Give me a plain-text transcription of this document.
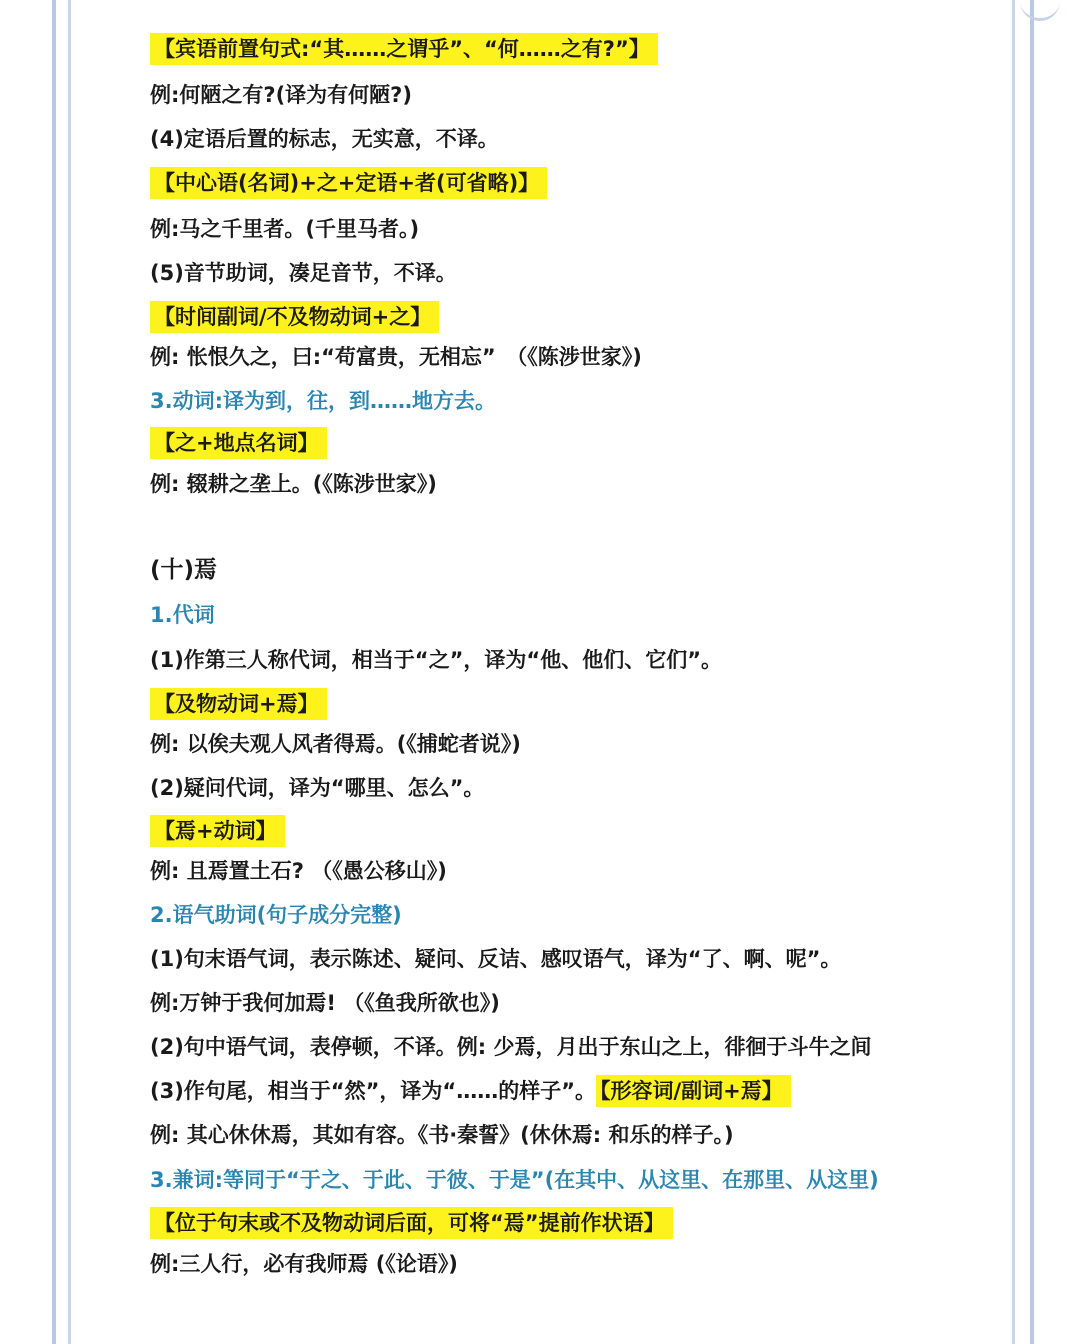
【宾语前置句式:“其……之谓乎”、“何……之有?”】
例:何陋之有?(译为有何陋?)
(4)定语后置的标志，无实意，不译。
【中心语(名词)+之+定语+者(可省略)】
例:马之千里者。(千里马者。)
(5)音节助词，凑足音节，不译。
【时间副词/不及物动词+之】
例: 怅恨久之，曰:“苟富贵，无相忘”　（《陈涉世家》)
3.动词:译为到，往，到……地方去。
【之+地点名词】
例: 辍耕之垄上。(《陈涉世家》)
(十)焉
1.代词
(1)作第三人称代词，相当于“之”，译为“他、他们、它们”。
【及物动词+焉】
例: 以俟夫观人风者得焉。(《捕蛇者说》)
(2)疑问代词，译为“哪里、怎么”。
【焉+动词】
例: 且焉置土石? （《愚公移山》)
2.语气助词(句子成分完整)
(1)句末语气词，表示陈述、疑问、反诘、感叹语气，译为“了、啊、呢”。
例:万钟于我何加焉! （《鱼我所欲也》)
(2)句中语气词，表停顿，不译。例: 少焉，月出于东山之上，徘徊于斗牛之间
(3)作句尾，相当于“然”，译为“……的样子”。 【形容词/副词+焉】
例: 其心休休焉，其如有容。《书·秦誓》(休休焉: 和乐的样子。)
3.兼词:等同于“于之、于此、于彼、于是”(在其中、从这里、在那里、从这里)
【位于句末或不及物动词后面，可将“焉”提前作状语】
例:三人行，必有我师焉 (《论语》)
